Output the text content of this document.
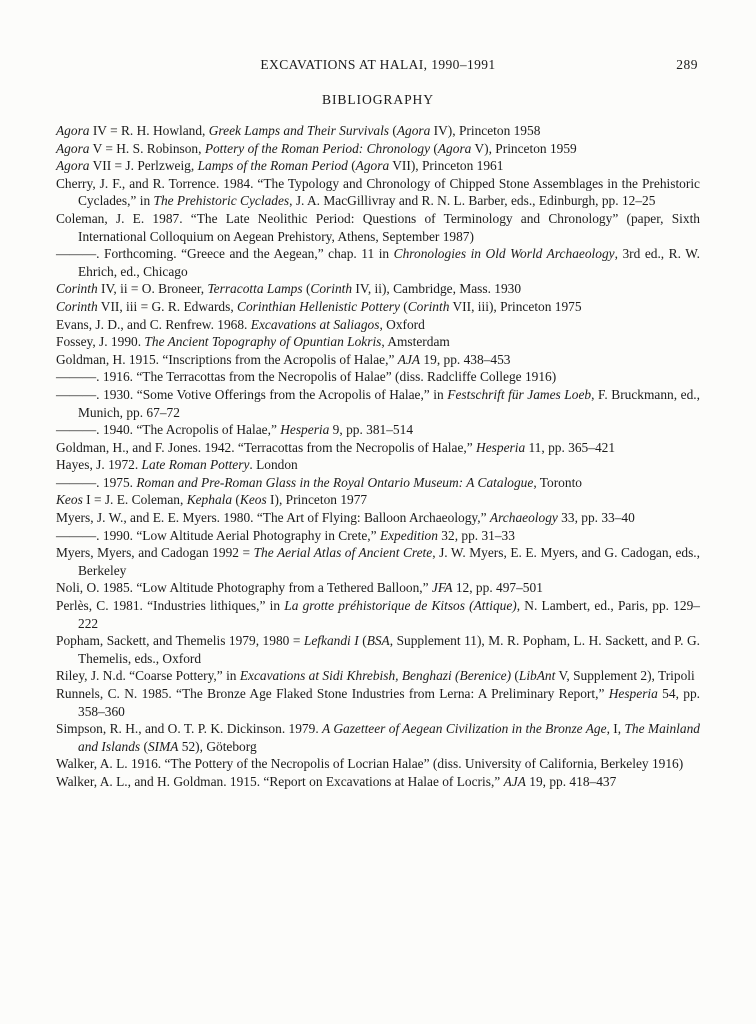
EXCAVATIONS AT HALAI, 1990–1991	289
BIBLIOGRAPHY

Agora IV = R. H. Howland, Greek Lamps and Their Survivals (Agora IV), Princeton 1958

Agora V = H. S. Robinson, Pottery of the Roman Period: Chronology (Agora V), Princeton 1959

Agora VII = J. Perlzweig, Lamps of the Roman Period (Agora VII), Princeton 1961

Cherry, J. F., and R. Torrence. 1984. “The Typology and Chronology of Chipped Stone Assemblages in the Prehistoric Cyclades,” in The Prehistoric Cyclades, J. A. MacGillivray and R. N. L. Barber, eds., Edinburgh, pp. 12–25

Coleman, J. E. 1987. “The Late Neolithic Period: Questions of Terminology and Chronology” (paper, Sixth International Colloquium on Aegean Prehistory, Athens, September 1987)

———. Forthcoming. “Greece and the Aegean,” chap. 11 in Chronologies in Old World Archaeology, 3rd ed., R. W. Ehrich, ed., Chicago

Corinth IV, ii = O. Broneer, Terracotta Lamps (Corinth IV, ii), Cambridge, Mass. 1930

Corinth VII, iii = G. R. Edwards, Corinthian Hellenistic Pottery (Corinth VII, iii), Princeton 1975

Evans, J. D., and C. Renfrew. 1968. Excavations at Saliagos, Oxford

Fossey, J. 1990. The Ancient Topography of Opuntian Lokris, Amsterdam

Goldman, H. 1915. “Inscriptions from the Acropolis of Halae,” AJA 19, pp. 438–453

———. 1916. “The Terracottas from the Necropolis of Halae” (diss. Radcliffe College 1916)

———. 1930. “Some Votive Offerings from the Acropolis of Halae,” in Festschrift für James Loeb, F. Bruckmann, ed., Munich, pp. 67–72

———. 1940. “The Acropolis of Halae,” Hesperia 9, pp. 381–514

Goldman, H., and F. Jones. 1942. “Terracottas from the Necropolis of Halae,” Hesperia 11, pp. 365–421

Hayes, J. 1972. Late Roman Pottery. London

———. 1975. Roman and Pre-Roman Glass in the Royal Ontario Museum: A Catalogue, Toronto

Keos I = J. E. Coleman, Kephala (Keos I), Princeton 1977

Myers, J. W., and E. E. Myers. 1980. “The Art of Flying: Balloon Archaeology,” Archaeology 33, pp. 33–40

———. 1990. “Low Altitude Aerial Photography in Crete,” Expedition 32, pp. 31–33

Myers, Myers, and Cadogan 1992 = The Aerial Atlas of Ancient Crete, J. W. Myers, E. E. Myers, and G. Cadogan, eds., Berkeley

Noli, O. 1985. “Low Altitude Photography from a Tethered Balloon,” JFA 12, pp. 497–501

Perlès, C. 1981. “Industries lithiques,” in La grotte préhistorique de Kitsos (Attique), N. Lambert, ed., Paris, pp. 129–222

Popham, Sackett, and Themelis 1979, 1980 = Lefkandi I (BSA, Supplement 11), M. R. Popham, L. H. Sackett, and P. G. Themelis, eds., Oxford

Riley, J. N.d. “Coarse Pottery,” in Excavations at Sidi Khrebish, Benghazi (Berenice) (LibAnt V, Supplement 2), Tripoli

Runnels, C. N. 1985. “The Bronze Age Flaked Stone Industries from Lerna: A Preliminary Report,” Hesperia 54, pp. 358–360

Simpson, R. H., and O. T. P. K. Dickinson. 1979. A Gazetteer of Aegean Civilization in the Bronze Age, I, The Mainland and Islands (SIMA 52), Göteborg

Walker, A. L. 1916. “The Pottery of the Necropolis of Locrian Halae” (diss. University of California, Berkeley 1916)

Walker, A. L., and H. Goldman. 1915. “Report on Excavations at Halae of Locris,” AJA 19, pp. 418–437
